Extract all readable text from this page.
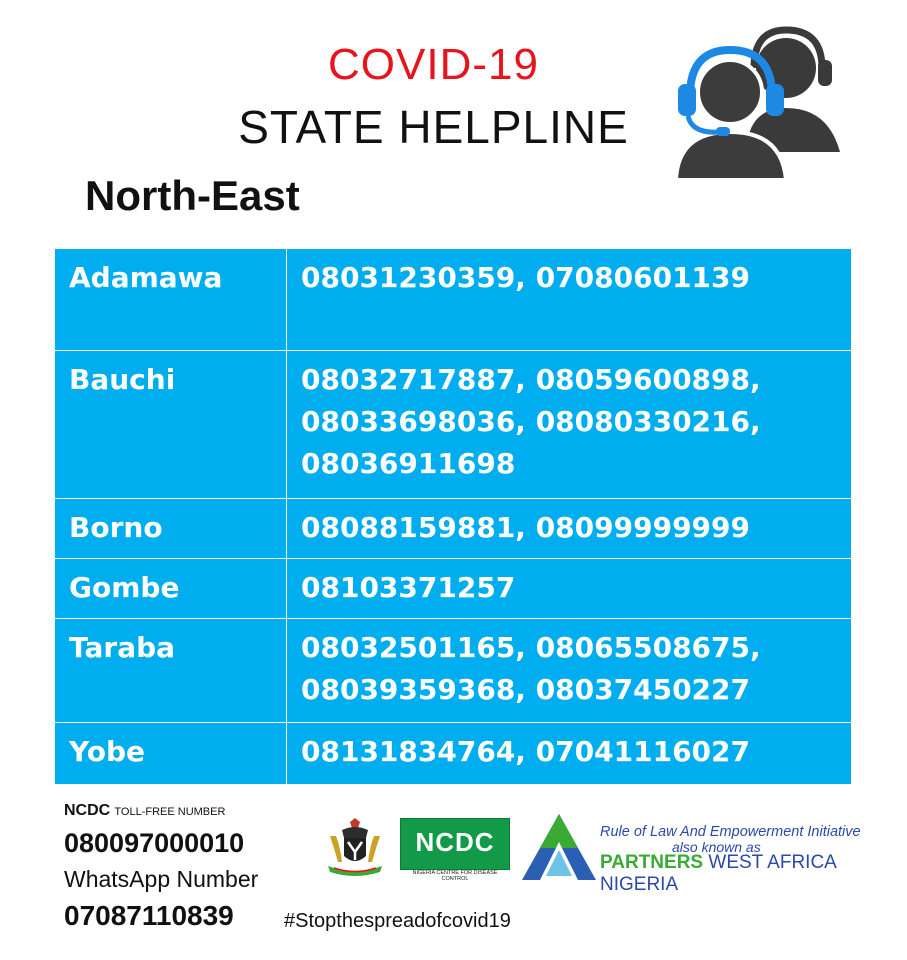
COVID-19
STATE HELPLINE
North-East
Adamawa	08031230359, 07080601139

Bauchi	08032717887, 08059600898,
08033698036, 08080330216,
08036911698

Borno	08088159881, 08099999999

Gombe	08103371257

Taraba	08032501165, 08065508675,
08039359368, 08037450227

Yobe	08131834764, 07041116027
NCDC TOLL-FREE NUMBER
080097000010
WhatsApp Number
07087110839	#Stopthespreadofcovid19
NCDC
NIGERIA CENTRE FOR DISEASE CONTROL
Rule of Law And Empowerment Initiative
also known as
PARTNERS WEST AFRICA NIGERIA
